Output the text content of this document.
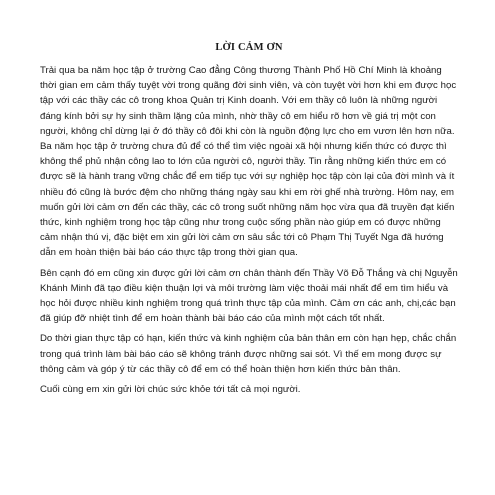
LỜI CẢM ƠN

Trải qua ba năm học tập ở trường Cao đẳng Công thương Thành Phố Hồ Chí Minh là khoảng thời gian em cảm thấy tuyệt vời trong quãng đời sinh viên, và còn tuyệt vời hơn khi em được học tập với các thầy các cô trong khoa Quản trị Kinh doanh. Với em thầy cô luôn là những người đáng kính bởi sự hy sinh thầm lặng của mình, nhờ thầy cô em hiểu rõ hơn về giá trị một con người, không chỉ dừng lại ở đó thầy cô đôi khi còn là nguồn động lực cho em vươn lên hơn nữa. Ba năm học tập ở trường chưa đủ để có thể tìm việc ngoài xã hội nhưng kiến thức có được thì không thể phủ nhận công lao to lớn của người cô, người thầy. Tin rằng những kiến thức em có được sẽ là hành trang vững chắc để em tiếp tục với sự nghiệp học tập còn lại của đời mình và ít nhiều đó cũng là bước đệm cho những tháng ngày sau khi em rời ghế nhà trường. Hôm nay, em muốn gửi lời cảm ơn đến các thầy, các cô trong suốt những năm học vừa qua đã truyền đạt kiến thức, kinh nghiệm trong học tập cũng như trong cuộc sống phần nào giúp em có được những cảm nhận thú vị, đặc biệt em xin gửi lời cảm ơn sâu sắc tới cô Phạm Thị Tuyết Nga đã hướng dẫn em hoàn thiện bài báo cáo thực tập trong thời gian qua.

Bên cạnh đó em cũng xin được gửi lời cảm ơn chân thành đến Thầy Võ Đỗ Thắng và chị Nguyễn Khánh Minh đã tạo điều kiện thuận lợi và môi trường làm việc thoải mái nhất để em tìm hiểu và học hỏi được nhiều kinh nghiệm trong quá trình thực tập của mình. Cảm ơn các anh, chị,các bạn đã giúp đỡ nhiệt tình để em hoàn thành bài báo cáo của mình một cách tốt nhất.

Do thời gian thực tập có hạn, kiến thức và kinh nghiệm của bản thân em còn hạn hẹp, chắc chắn trong quá trình làm bài báo cáo sẽ không tránh được những sai sót. Vì thế em mong được sự thông cảm và góp ý từ các thầy cô để em có thể hoàn thiện hơn kiến thức bản thân.

Cuối cùng em xin gửi lời chúc sức khỏe tới tất cả mọi người.
